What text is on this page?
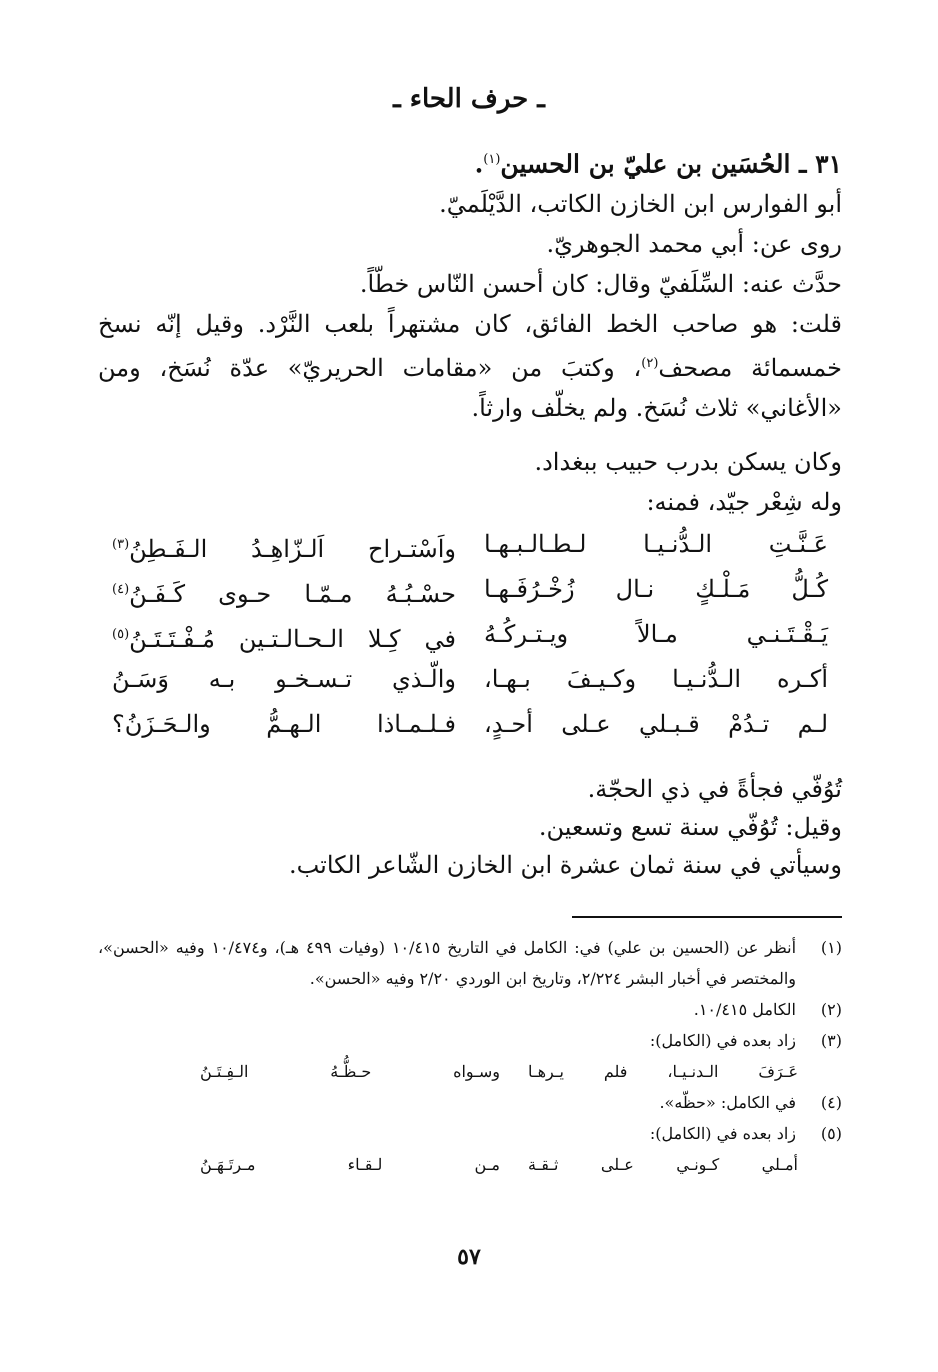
ـ حرف الحاء ـ

٣١ ـ الحُسَين بن عليّ بن الحسين$^{(١)}$.

أبو الفوارس ابن الخازن الكاتب، الدَّيْلَميّ.

روى عن: أبي محمد الجوهريّ.

حدَّث عنه: السِّلَفيّ وقال: كان أحسن النّاس خطّاً.

قلت: هو صاحب الخط الفائق، كان مشتهراً بلعب النَّرْد. وقيل إنّه نسخ خمسمائة مصحف$^{(٢)}$، وكتبَ من «مقامات الحريريّ» عدّة نُسَخ، ومن «الأغاني» ثلاث نُسَخ. ولم يخلّف وارثاً.

وكان يسكن بدرب حبيب ببغداد.

وله شِعْر جيّد، فمنه:

عَـنَّـتِ الـدُّنـيـا لـطـالـبـهـا
واَسْتـراح اَلـزّاهِـدُ الـفَـطِنُ$^{(٣)}$
كُـلُّ مَـلْـكٍ نـال زُخْـرُفَـهـا
حسْـبُـهُ مـمّـا حـوى كَـفَـنُ$^{(٤)}$
يَـقْـتَـنـي مـالاً ويـتـركُـهُ
في كِـلا الـحـالـتـين مُـفْـتَـتَـنُ$^{(٥)}$
أكـره الـدُّنـيـا وكـيـفَ بـهـا،
والّـذي تـسـخـو بـه وَسَـنُ
لـم تـدُمْ قـبـلي عـلى أحـدٍ،
فـلـمـاذا الـهـمُّ والـحَـزَنُ؟

تُوُفّي فجأةً في ذي الحجّة.

وقيل: تُوُفّي سنة تسع وتسعين.

وسيأتي في سنة ثمان عشرة ابن الخازن الشّاعر الكاتب.

(١)
أنظر عن (الحسين بن علي) في: الكامل في التاريخ ١٠/٤١٥ (وفيات ٤٩٩ هـ)، و١٠/٤٧٤ وفيه «الحسن»، والمختصر في أخبار البشر ٢/٢٢٤، وتاريخ ابن الوردي ٢/٢٠ وفيه «الحسن».
(٢)
الكامل ١٠/٤١٥.
(٣)
زاد بعده في (الكامل):
عَـرَفَ الـدنـيـا، فلم يـرهـا
وسـواه حـظُّـهُ الـفِـتَـنُ
(٤)
في الكامل: «حظّه».
(٥)
زاد بعده في (الكامل):
أمـلي كـونـي عـلى ثـقـة
مـن لـقـاء مـرتَـهَـنُ
٥٧
